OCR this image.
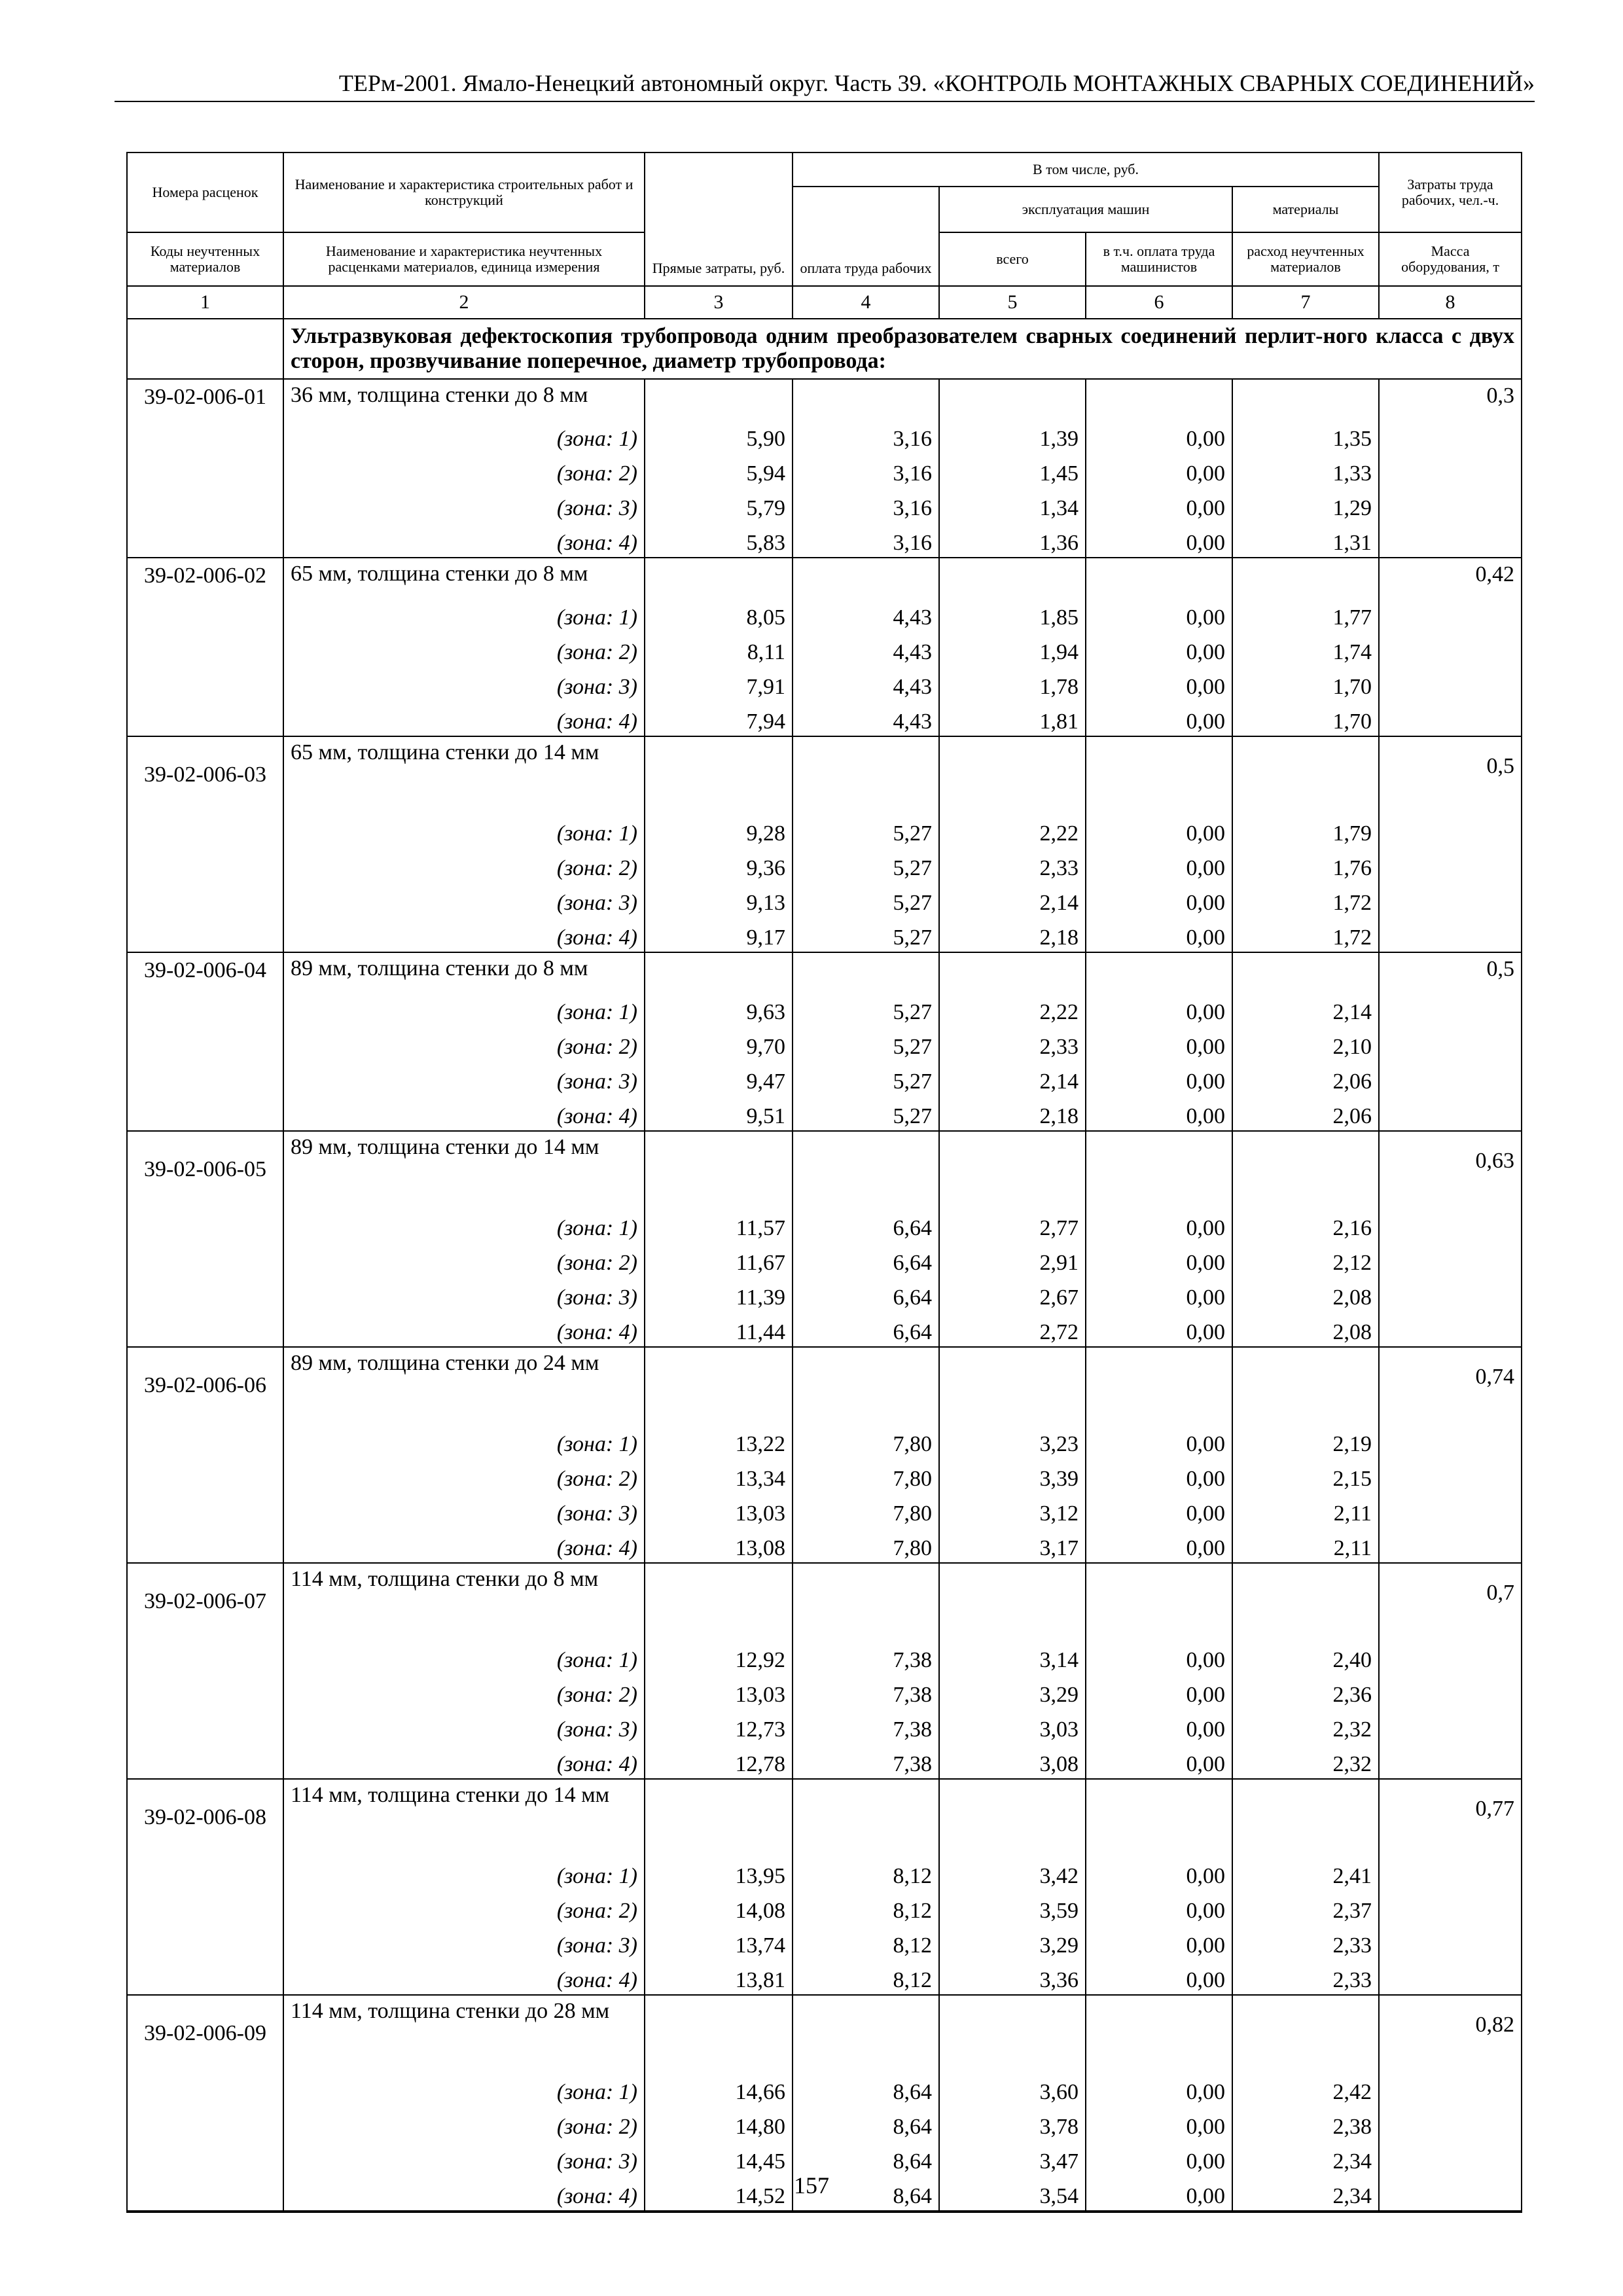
ТЕРм-2001. Ямало-Ненецкий автономный округ. Часть 39. «КОНТРОЛЬ МОНТАЖНЫХ СВАРНЫХ СОЕДИНЕНИЙ»
Номера расценок	Наименование и характеристика строительных работ и конструкций	Прямые затраты, руб.	В том числе, руб.				Затраты труда рабочих, чел.-ч.
			оплата труда рабочих	эксплуатация машин		материалы	
Коды неучтенных материалов	Наименование и характеристика неучтенных расценками материалов, единица измерения			всего	в т.ч. оплата труда машинистов	расход неучтенных материалов	Масса оборудования, т
1	2	3	4	5	6	7	8
	Ультразвуковая дефектоскопия трубопровода одним преобразователем сварных соединений перлит-ного класса с двух сторон, прозвучивание поперечное, диаметр трубопровода:						
39-02-006-01	36 мм, толщина стенки до 8 мм						0,3
	(зона: 1)	5,90	3,16	1,39	0,00	1,35	
	(зона: 2)	5,94	3,16	1,45	0,00	1,33	
	(зона: 3)	5,79	3,16	1,34	0,00	1,29	
	(зона: 4)	5,83	3,16	1,36	0,00	1,31	
39-02-006-02	65 мм, толщина стенки до 8 мм						0,42
	(зона: 1)	8,05	4,43	1,85	0,00	1,77	
	(зона: 2)	8,11	4,43	1,94	0,00	1,74	
	(зона: 3)	7,91	4,43	1,78	0,00	1,70	
	(зона: 4)	7,94	4,43	1,81	0,00	1,70	
39-02-006-03	65 мм, толщина стенки до 14 мм						0,5
	(зона: 1)	9,28	5,27	2,22	0,00	1,79	
	(зона: 2)	9,36	5,27	2,33	0,00	1,76	
	(зона: 3)	9,13	5,27	2,14	0,00	1,72	
	(зона: 4)	9,17	5,27	2,18	0,00	1,72	
39-02-006-04	89 мм, толщина стенки до 8 мм						0,5
	(зона: 1)	9,63	5,27	2,22	0,00	2,14	
	(зона: 2)	9,70	5,27	2,33	0,00	2,10	
	(зона: 3)	9,47	5,27	2,14	0,00	2,06	
	(зона: 4)	9,51	5,27	2,18	0,00	2,06	
39-02-006-05	89 мм, толщина стенки до 14 мм						0,63
	(зона: 1)	11,57	6,64	2,77	0,00	2,16	
	(зона: 2)	11,67	6,64	2,91	0,00	2,12	
	(зона: 3)	11,39	6,64	2,67	0,00	2,08	
	(зона: 4)	11,44	6,64	2,72	0,00	2,08	
39-02-006-06	89 мм, толщина стенки до 24 мм						0,74
	(зона: 1)	13,22	7,80	3,23	0,00	2,19	
	(зона: 2)	13,34	7,80	3,39	0,00	2,15	
	(зона: 3)	13,03	7,80	3,12	0,00	2,11	
	(зона: 4)	13,08	7,80	3,17	0,00	2,11	
39-02-006-07	114 мм, толщина стенки до 8 мм						0,7
	(зона: 1)	12,92	7,38	3,14	0,00	2,40	
	(зона: 2)	13,03	7,38	3,29	0,00	2,36	
	(зона: 3)	12,73	7,38	3,03	0,00	2,32	
	(зона: 4)	12,78	7,38	3,08	0,00	2,32	
39-02-006-08	114 мм, толщина стенки до 14 мм						0,77
	(зона: 1)	13,95	8,12	3,42	0,00	2,41	
	(зона: 2)	14,08	8,12	3,59	0,00	2,37	
	(зона: 3)	13,74	8,12	3,29	0,00	2,33	
	(зона: 4)	13,81	8,12	3,36	0,00	2,33	
39-02-006-09	114 мм, толщина стенки до 28 мм						0,82
	(зона: 1)	14,66	8,64	3,60	0,00	2,42	
	(зона: 2)	14,80	8,64	3,78	0,00	2,38	
	(зона: 3)	14,45	8,64	3,47	0,00	2,34	
	(зона: 4)	14,52	8,64	3,54	0,00	2,34	
157
